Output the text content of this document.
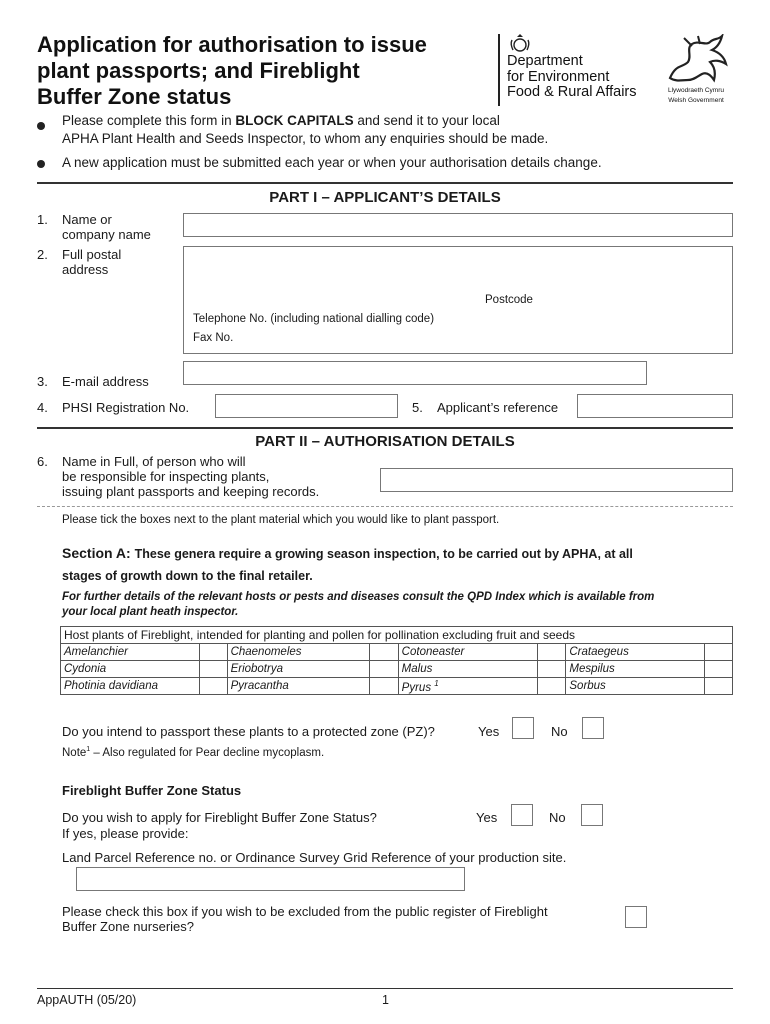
Application for authorisation to issue
plant passports; and Fireblight
Buffer Zone status
Department
for Environment
Food & Rural Affairs	Llywodraeth Cymru
Welsh Government
Please complete this form in BLOCK CAPITALS and send it to your local
APHA Plant Health and Seeds Inspector, to whom any enquiries should be made.
A new application must be submitted each year or when your authorisation details change.
PART I – APPLICANT’S DETAILS
1. Name or
company name
2. Full postal
address
Postcode
Telephone No. (including national dialling code)
Fax No.
3. E-mail address
4. PHSI Registration No.	5. Applicant’s reference
PART II – AUTHORISATION DETAILS
6. Name in Full, of person who will
be responsible for inspecting plants,
issuing plant passports and keeping records.
Please tick the boxes next to the plant material which you would like to plant passport.
Section A: These genera require a growing season inspection, to be carried out by APHA, at all
stages of growth down to the final retailer.
For further details of the relevant hosts or pests and diseases consult the QPD Index which is available from
your local plant heath inspector.
Host plants of Fireblight, intended for planting and pollen for pollination excluding fruit and seeds
Amelanchier		Chaenomeles		Cotoneaster		Crataegeus	
Cydonia		Eriobotrya		Malus		Mespilus	
Photinia davidiana		Pyracantha		Pyrus $^1$		Sorbus	
Do you intend to passport these plants to a protected zone (PZ)?	Yes	No
Note$^1$ – Also regulated for Pear decline mycoplasm.
Fireblight Buffer Zone Status
Do you wish to apply for Fireblight Buffer Zone Status?
If yes, please provide:
Yes	No
Land Parcel Reference no. or Ordinance Survey Grid Reference of your production site.
Please check this box if you wish to be excluded from the public register of Fireblight
Buffer Zone nurseries?
AppAUTH (05/20)	1
